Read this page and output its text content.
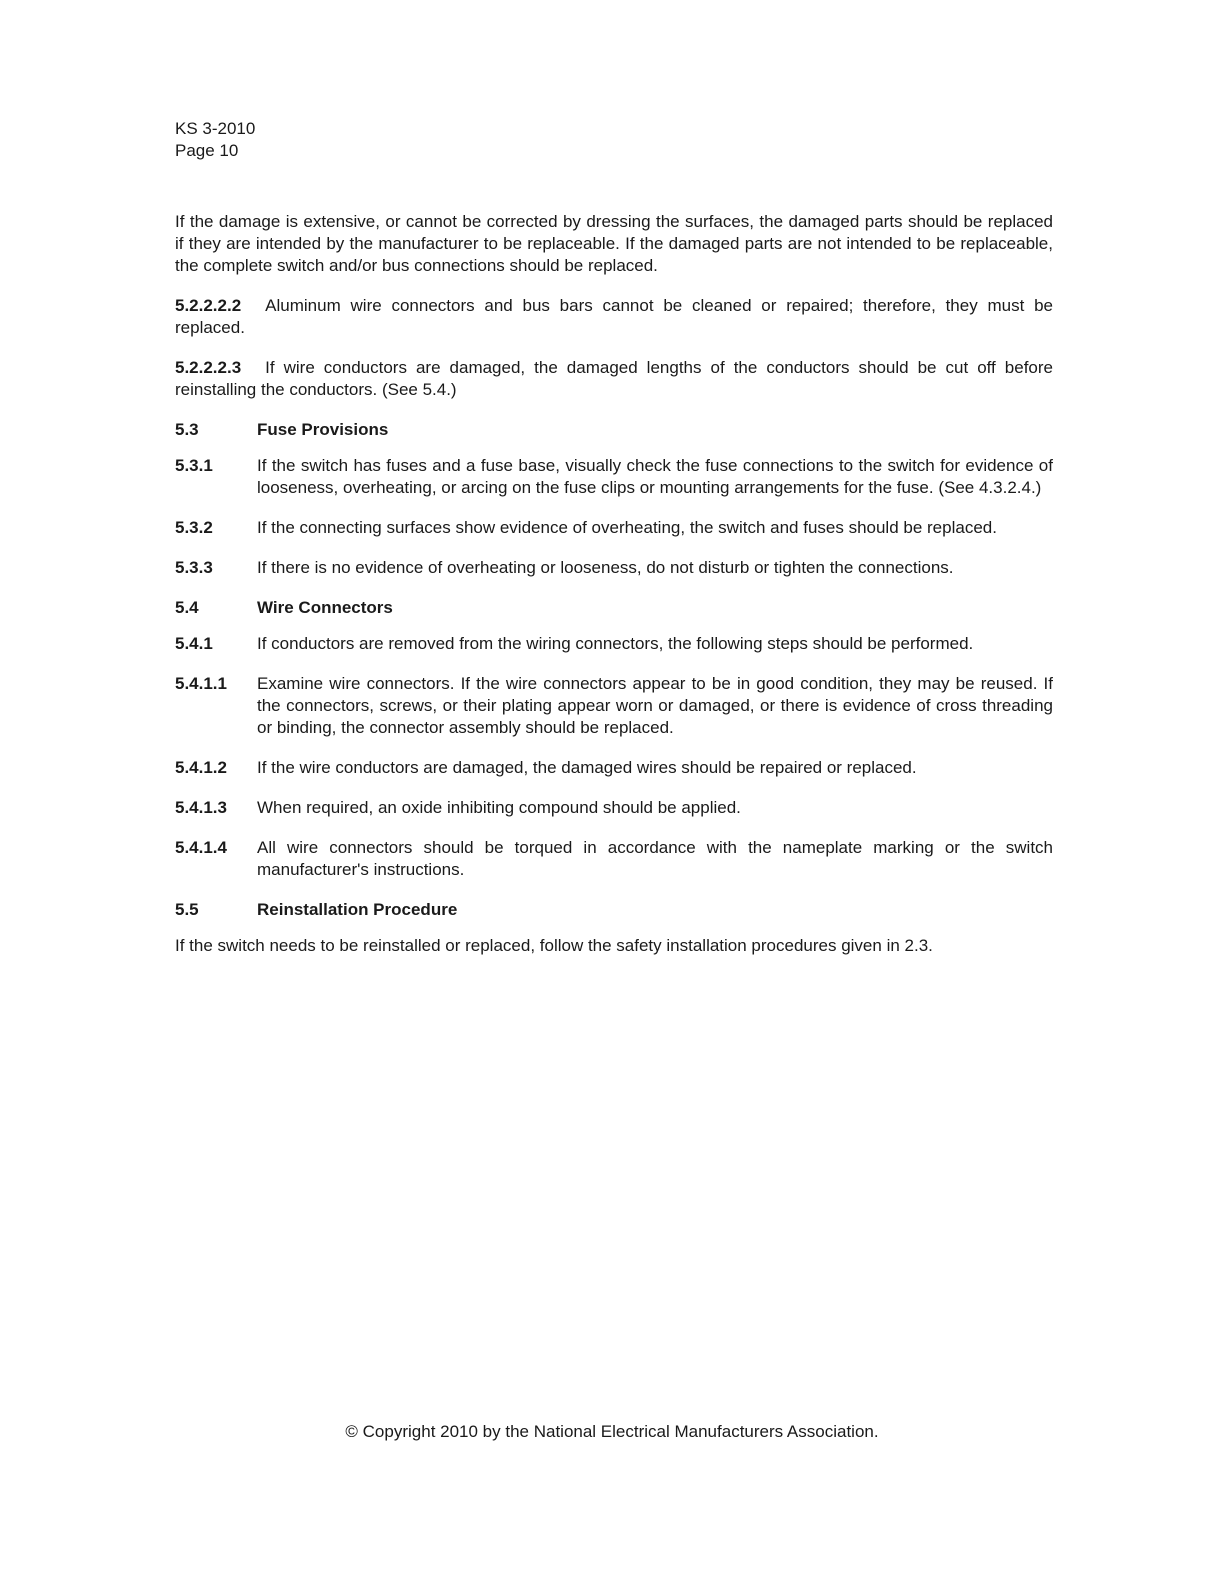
KS 3-2010
Page 10

If the damage is extensive, or cannot be corrected by dressing the surfaces, the damaged parts should be replaced if they are intended by the manufacturer to be replaceable. If the damaged parts are not intended to be replaceable, the complete switch and/or bus connections should be replaced.

5.2.2.2.2 Aluminum wire connectors and bus bars cannot be cleaned or repaired; therefore, they must be replaced.

5.2.2.2.3 If wire conductors are damaged, the damaged lengths of the conductors should be cut off before reinstalling the conductors. (See 5.4.)

5.3	Fuse Provisions
5.3.1	If the switch has fuses and a fuse base, visually check the fuse connections to the switch for evidence of looseness, overheating, or arcing on the fuse clips or mounting arrangements for the fuse. (See 4.3.2.4.)
5.3.2	If the connecting surfaces show evidence of overheating, the switch and fuses should be replaced.
5.3.3	If there is no evidence of overheating or looseness, do not disturb or tighten the connections.
5.4	Wire Connectors
5.4.1	If conductors are removed from the wiring connectors, the following steps should be performed.
5.4.1.1	Examine wire connectors. If the wire connectors appear to be in good condition, they may be reused. If the connectors, screws, or their plating appear worn or damaged, or there is evidence of cross threading or binding, the connector assembly should be replaced.
5.4.1.2	If the wire conductors are damaged, the damaged wires should be repaired or replaced.
5.4.1.3	When required, an oxide inhibiting compound should be applied.
5.4.1.4	All wire connectors should be torqued in accordance with the nameplate marking or the switch manufacturer's instructions.
5.5	Reinstallation Procedure

If the switch needs to be reinstalled or replaced, follow the safety installation procedures given in 2.3.

© Copyright 2010 by the National Electrical Manufacturers Association.
